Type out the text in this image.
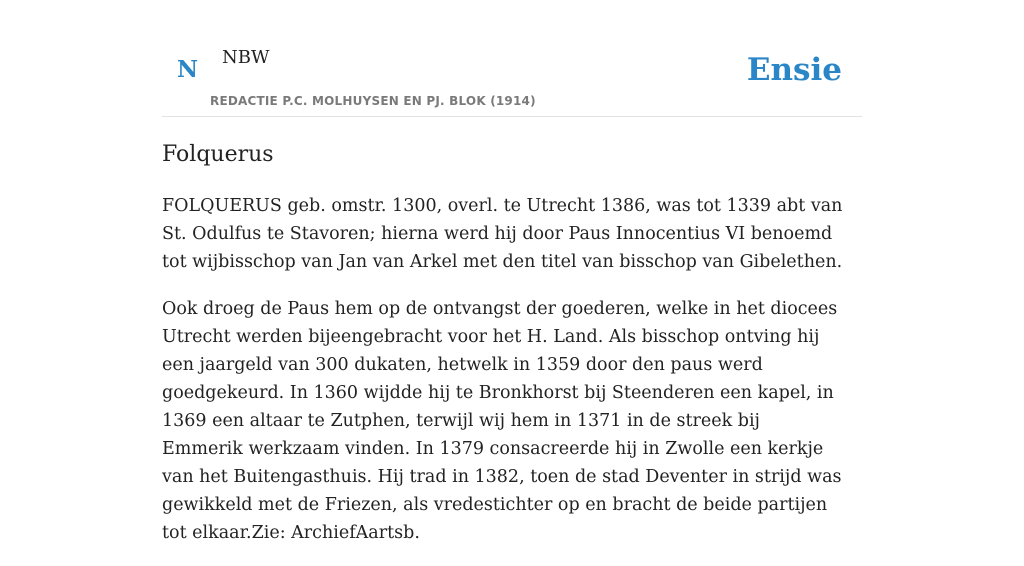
N NBW
REDACTIE P.C. MOLHUYSEN EN PJ. BLOK (1914)
Ensie
Folquerus

FOLQUERUS geb. omstr. 1300, overl. te Utrecht 1386, was tot 1339 abt van St. Odulfus te Stavoren; hierna werd hij door Paus Innocentius VI benoemd tot wijbisschop van Jan van Arkel met den titel van bisschop van Gibelethen.

Ook droeg de Paus hem op de ontvangst der goederen, welke in het diocees Utrecht werden bijeengebracht voor het H. Land. Als bisschop ontving hij een jaargeld van 300 dukaten, hetwelk in 1359 door den paus werd goedgekeurd. In 1360 wijdde hij te Bronkhorst bij Steenderen een kapel, in 1369 een altaar te Zutphen, terwijl wij hem in 1371 in de streek bij Emmerik werkzaam vinden. In 1379 consacreerde hij in Zwolle een kerkje van het Buitengasthuis. Hij trad in 1382, toen de stad Deventer in strijd was gewikkeld met de Friezen, als vredestichter op en bracht de beide partijen tot elkaar.Zie: ArchiefAartsb.
